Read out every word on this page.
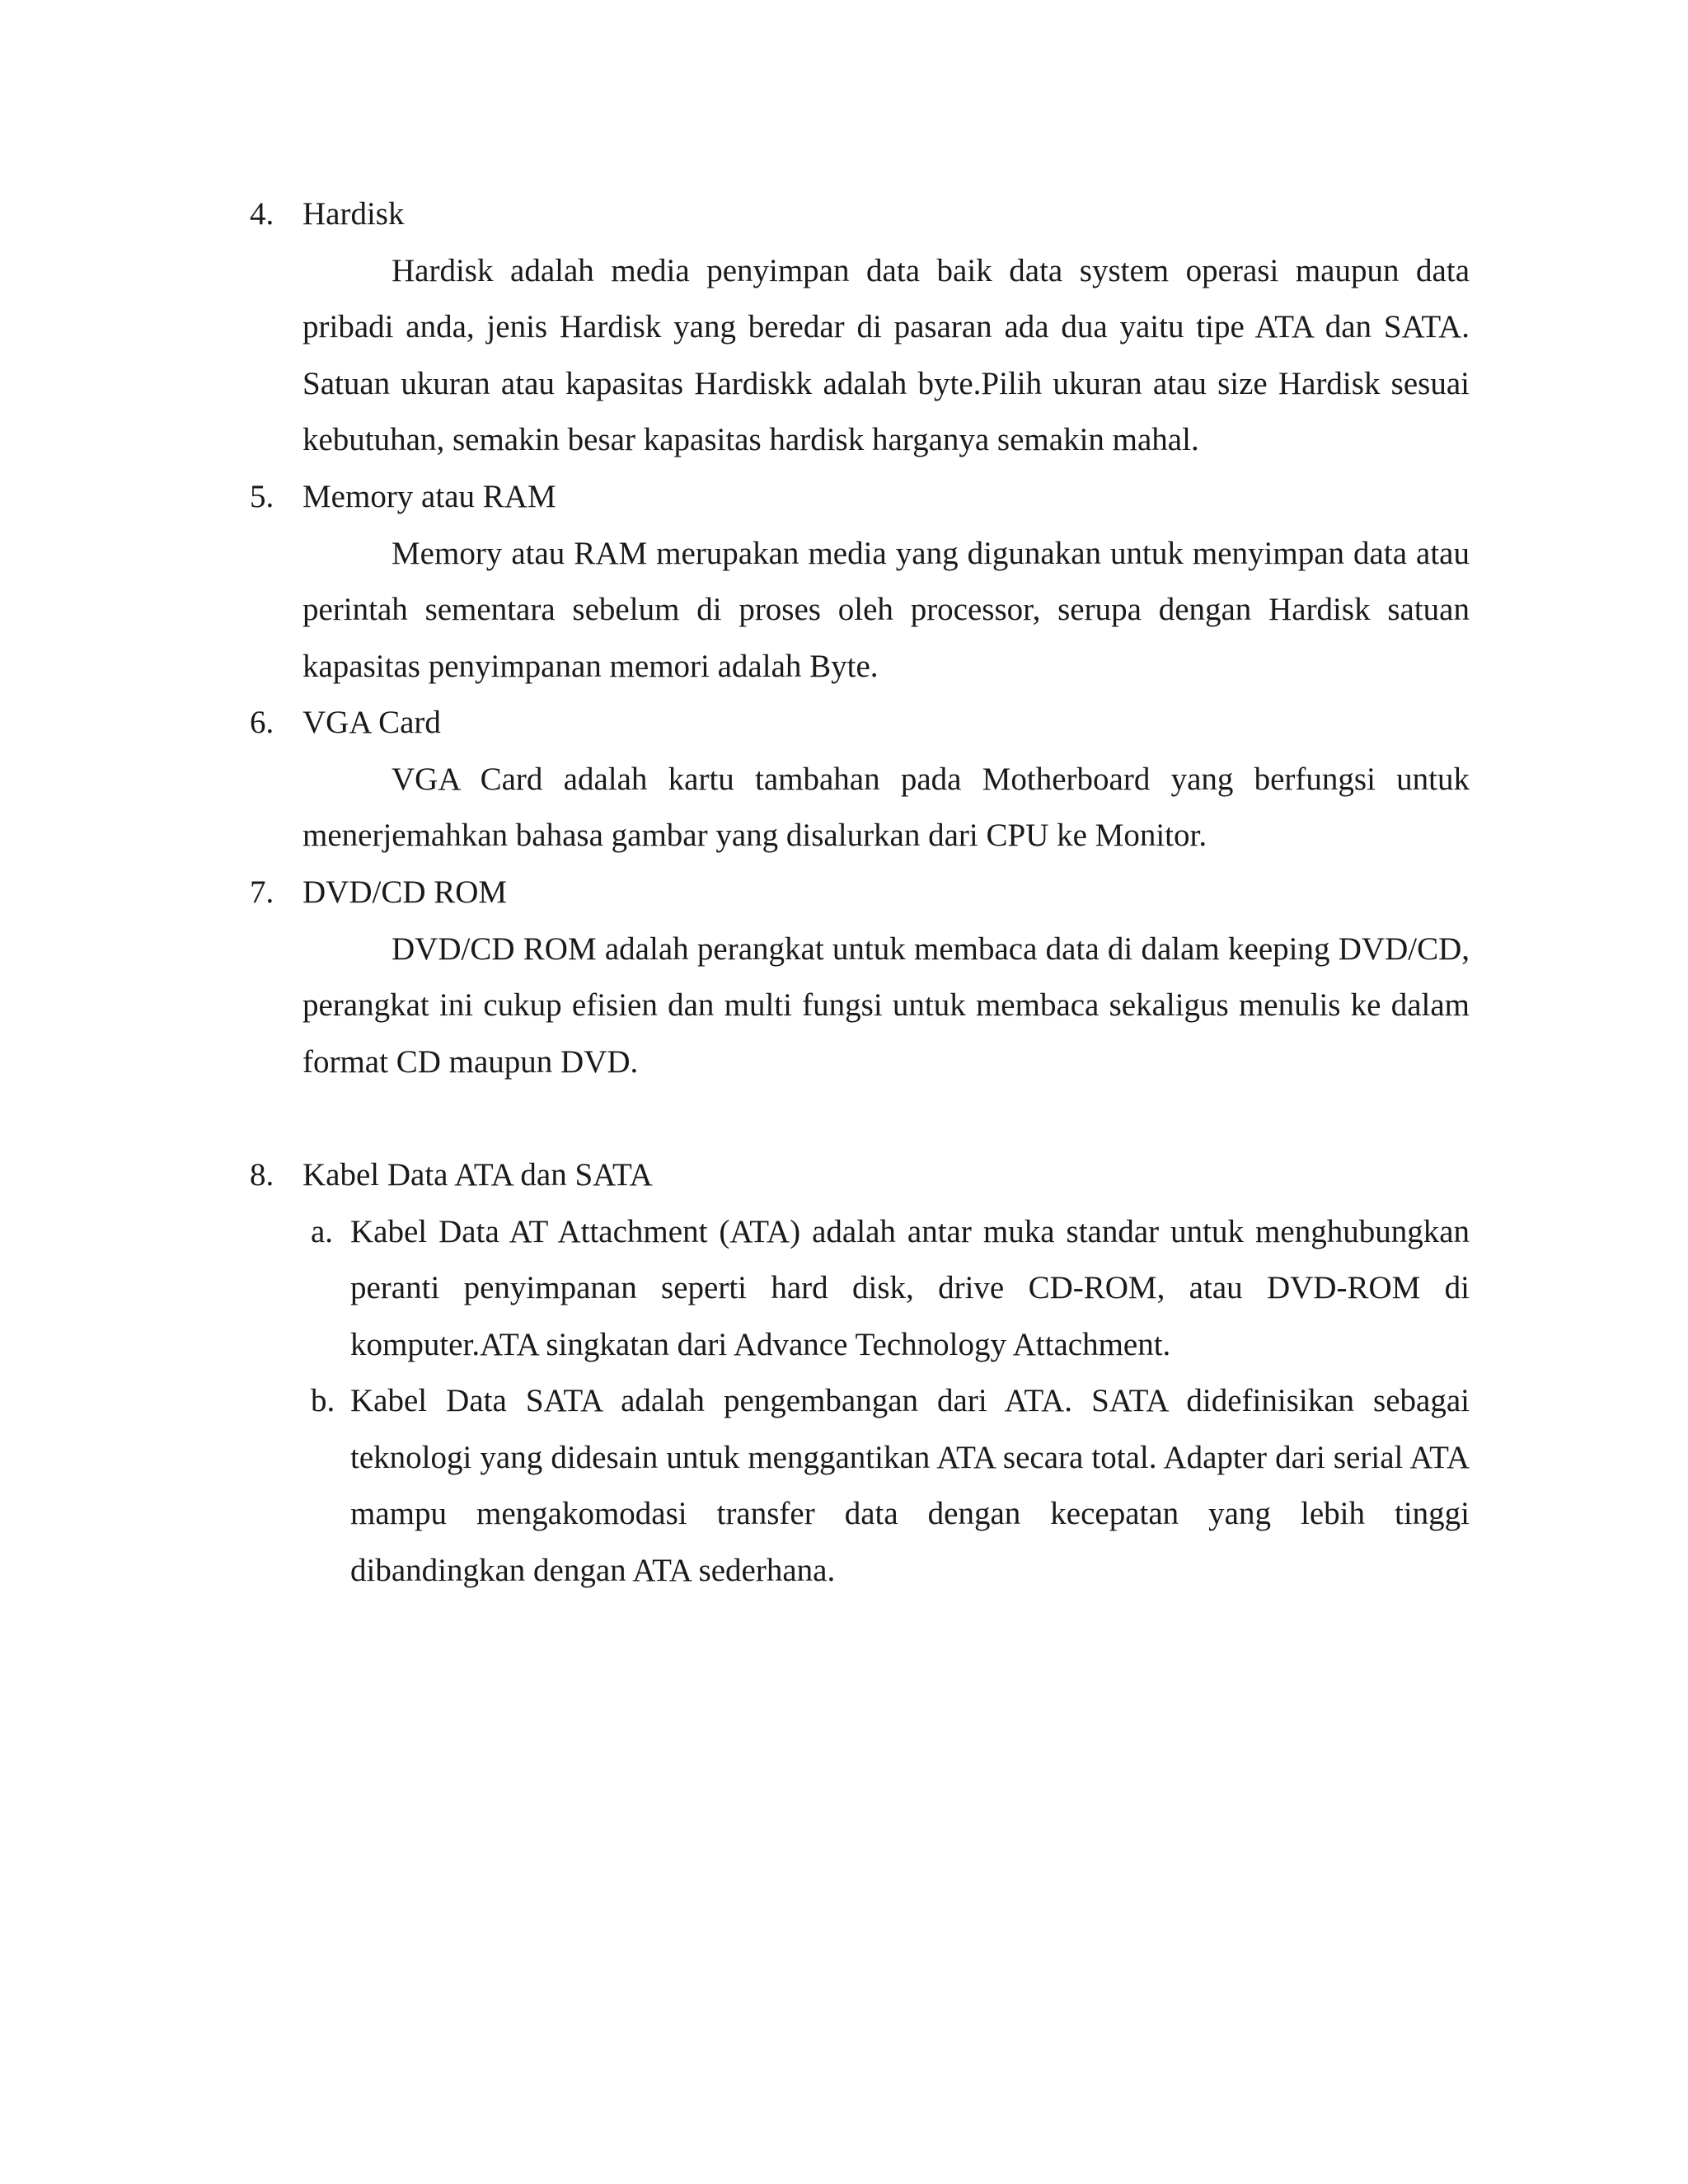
4. Hardisk
Hardisk adalah media penyimpan data baik data system operasi maupun data pribadi anda, jenis Hardisk yang beredar di pasaran ada dua yaitu tipe ATA dan SATA. Satuan ukuran atau kapasitas Hardiskk adalah byte.Pilih ukuran atau size Hardisk sesuai kebutuhan, semakin besar kapasitas hardisk harganya semakin mahal.
5. Memory atau RAM
Memory atau RAM merupakan media yang digunakan untuk menyimpan data atau perintah sementara sebelum di proses oleh processor, serupa dengan Hardisk satuan kapasitas penyimpanan memori adalah Byte.
6. VGA Card
VGA Card adalah kartu tambahan pada Motherboard yang berfungsi untuk menerjemahkan bahasa gambar yang disalurkan dari CPU ke Monitor.
7. DVD/CD ROM
DVD/CD ROM adalah perangkat untuk membaca data di dalam keeping DVD/CD, perangkat ini cukup efisien dan multi fungsi untuk membaca sekaligus menulis ke dalam format CD maupun DVD.
8. Kabel Data ATA dan SATA
a. Kabel Data AT Attachment (ATA) adalah antar muka standar untuk menghubungkan peranti penyimpanan seperti hard disk, drive CD-ROM, atau DVD-ROM di komputer.ATA singkatan dari Advance Technology Attachment.
b. Kabel Data SATA adalah pengembangan dari ATA. SATA didefinisikan sebagai teknologi yang didesain untuk menggantikan ATA secara total. Adapter dari serial ATA mampu mengakomodasi transfer data dengan kecepatan yang lebih tinggi dibandingkan dengan ATA sederhana.
